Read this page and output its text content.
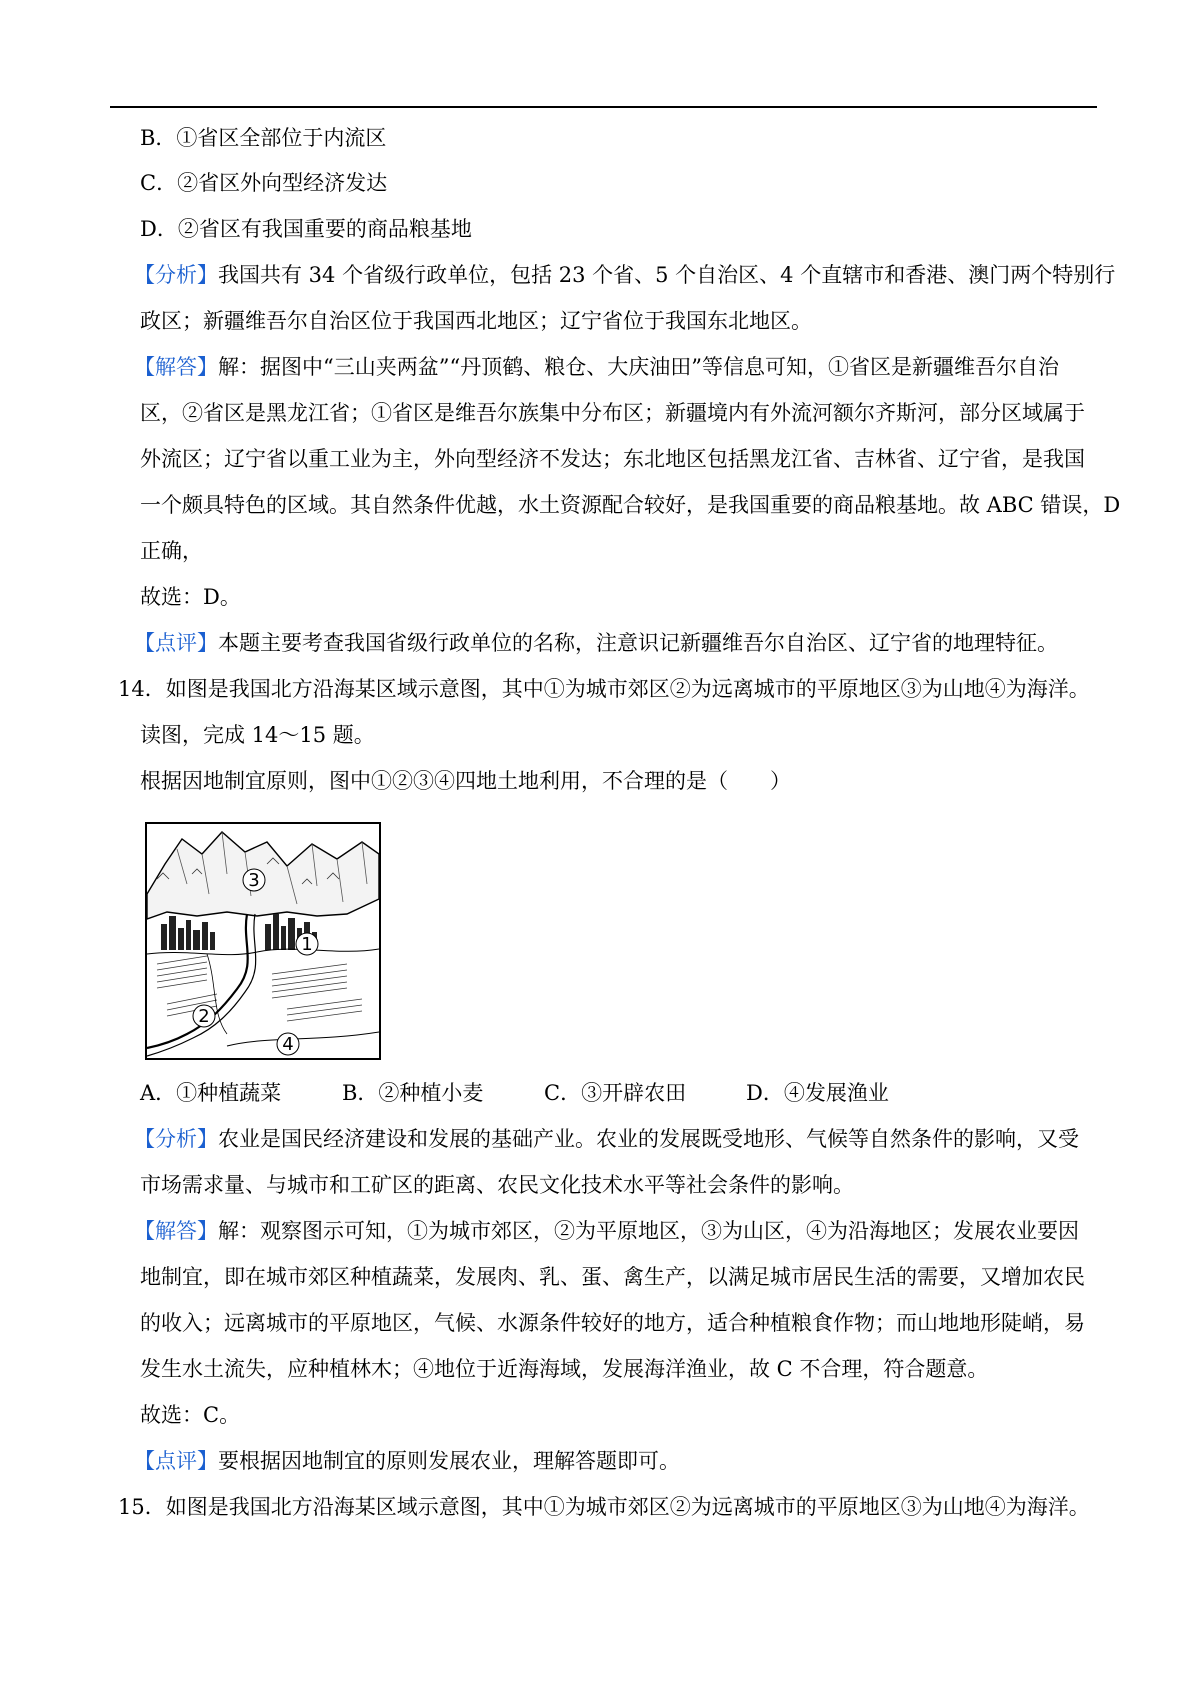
B．①省区全部位于内流区
C．②省区外向型经济发达
D．②省区有我国重要的商品粮基地
【分析】我国共有 34 个省级行政单位，包括 23 个省、5 个自治区、4 个直辖市和香港、澳门两个特别行
政区；新疆维吾尔自治区位于我国西北地区；辽宁省位于我国东北地区。
【解答】解：据图中“三山夹两盆”“丹顶鹤、粮仓、大庆油田”等信息可知，①省区是新疆维吾尔自治
区，②省区是黑龙江省；①省区是维吾尔族集中分布区；新疆境内有外流河额尔齐斯河，部分区域属于
外流区；辽宁省以重工业为主，外向型经济不发达；东北地区包括黑龙江省、吉林省、辽宁省，是我国
一个颇具特色的区域。其自然条件优越，水土资源配合较好，是我国重要的商品粮基地。故 ABC 错误，D
正确，
故选：D。
【点评】本题主要考查我国省级行政单位的名称，注意识记新疆维吾尔自治区、辽宁省的地理特征。
14．如图是我国北方沿海某区域示意图，其中①为城市郊区②为远离城市的平原地区③为山地④为海洋。
读图，完成 14～15 题。
根据因地制宜原则，图中①②③④四地土地利用，不合理的是（　　）
3
1
2
4
A．①种植蔬菜	B．②种植小麦	C．③开辟农田	D．④发展渔业
【分析】农业是国民经济建设和发展的基础产业。农业的发展既受地形、气候等自然条件的影响，又受
市场需求量、与城市和工矿区的距离、农民文化技术水平等社会条件的影响。
【解答】解：观察图示可知，①为城市郊区，②为平原地区，③为山区，④为沿海地区；发展农业要因
地制宜，即在城市郊区种植蔬菜，发展肉、乳、蛋、禽生产，以满足城市居民生活的需要，又增加农民
的收入；远离城市的平原地区，气候、水源条件较好的地方，适合种植粮食作物；而山地地形陡峭，易
发生水土流失，应种植林木；④地位于近海海域，发展海洋渔业，故 C 不合理，符合题意。
故选：C。
【点评】要根据因地制宜的原则发展农业，理解答题即可。
15．如图是我国北方沿海某区域示意图，其中①为城市郊区②为远离城市的平原地区③为山地④为海洋。
